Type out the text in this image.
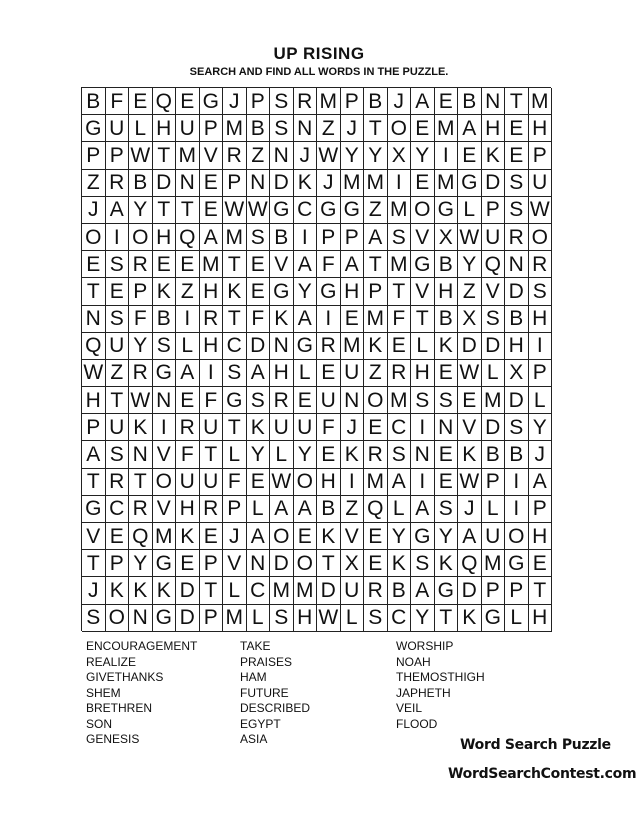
UP RISING
SEARCH AND FIND ALL WORDS IN THE PUZZLE.
B F E Q E G J P S R M P B J A E B N T M
G U L H U P M B S N Z J T O E M A H E H
P P W T M V R Z N J W Y Y X Y I E K E P
Z R B D N E P N D K J M M I E M G D S U
J A Y T T E W W G C G G Z M O G L P S W
O I O H Q A M S B I P P A S V X W U R O
E S R E E M T E V A F A T M G B Y Q N R
T E P K Z H K E G Y G H P T V H Z V D S
N S F B I R T F K A I E M F T B X S B H
Q U Y S L H C D N G R M K E L K D D H I
W Z R G A I S A H L E U Z R H E W L X P
H T W N E F G S R E U N O M S S E M D L
P U K I R U T K U U F J E C I N V D S Y
A S N V F T L Y L Y E K R S N E K B B J
T R T O U U F E W O H I M A I E W P I A
G C R V H R P L A A B Z Q L A S J L I P
V E Q M K E J A O E K V E Y G Y A U O H
T P Y G E P V N D O T X E K S K Q M G E
J K K K D T L C M M D U R B A G D P P T
S O N G D P M L S H W L S C Y T K G L H
ENCOURAGEMENT
REALIZE
GIVETHANKS
SHEM
BRETHREN
SON
GENESIS
TAKE
PRAISES
HAM
FUTURE
DESCRIBED
EGYPT
ASIA
WORSHIP
NOAH
THEMOSTHIGH
JAPHETH
VEIL
FLOOD
Word Search Puzzle
WordSearchContest.com
